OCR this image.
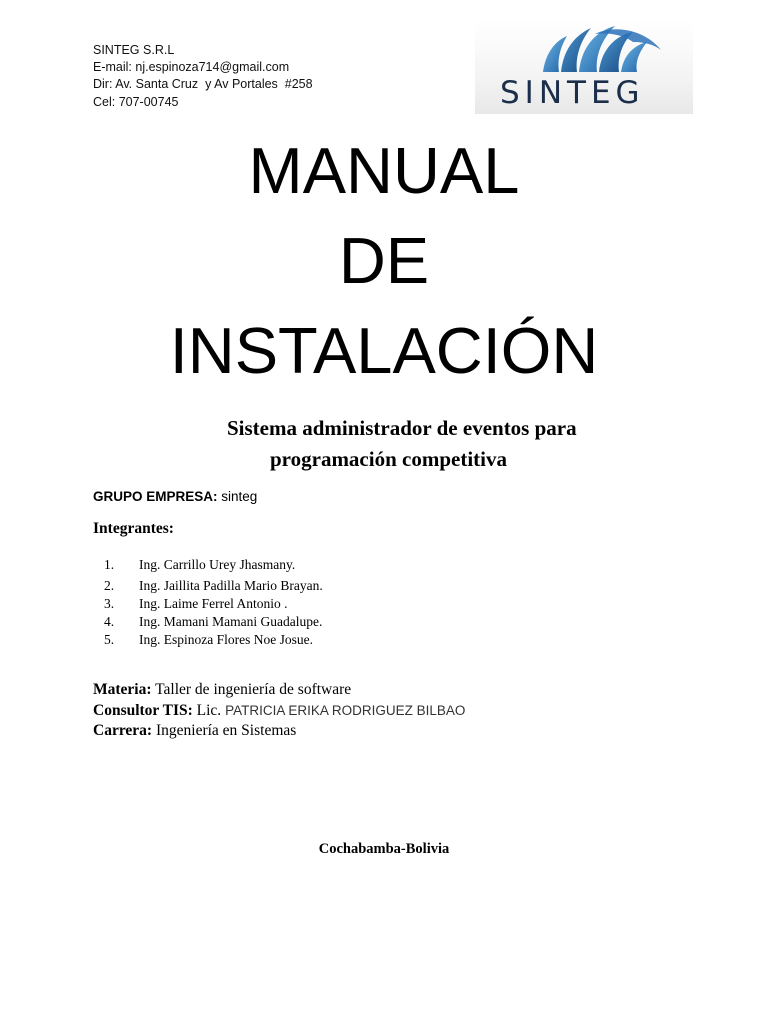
SINTEG S.R.L
E-mail: nj.espinoza714@gmail.com
Dir: Av. Santa Cruz  y Av Portales  #258
Cel: 707-00745	SINTEG
MANUAL
DE
INSTALACIÓN
Sistema administrador de eventos para
programación competitiva
GRUPO EMPRESA: sinteg
Integrantes:
1. Ing. Carrillo Urey Jhasmany.
2. Ing. Jaillita Padilla Mario Brayan.
3. Ing. Laime Ferrel Antonio .
4. Ing. Mamani Mamani Guadalupe.
5. Ing. Espinoza Flores Noe Josue.
Materia: Taller de ingeniería de software
Consultor TIS: Lic. PATRICIA ERIKA RODRIGUEZ BILBAO
Carrera: Ingeniería en Sistemas
Cochabamba-Bolivia
